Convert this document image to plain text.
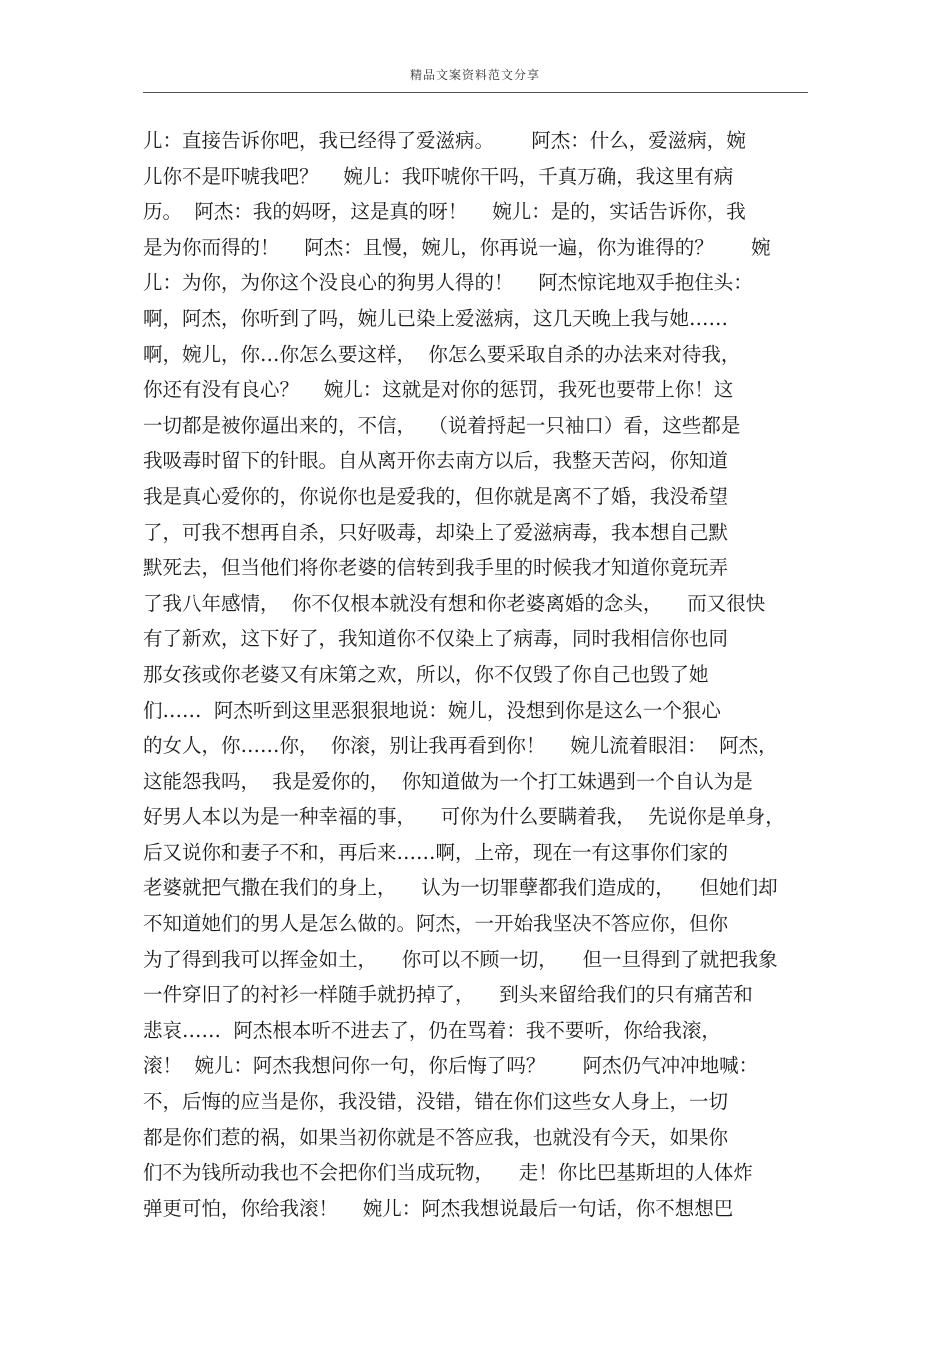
精品文案资料范文分享
儿：直接告诉你吧，我已经得了爱滋病。      阿杰：什么，爱滋病，婉
儿你不是吓唬我吧？    婉儿：我吓唬你干吗，千真万确，我这里有病
历。  阿杰：我的妈呀，这是真的呀！    婉儿：是的，实话告诉你，我
是为你而得的！    阿杰：且慢，婉儿，你再说一遍，你为谁得的？      婉
儿：为你，为你这个没良心的狗男人得的！    阿杰惊诧地双手抱住头：
啊，阿杰，你听到了吗，婉儿已染上爱滋病，这几天晚上我与她……
啊，婉儿，你…你怎么要这样，  你怎么要采取自杀的办法来对待我，
你还有没有良心？    婉儿：这就是对你的惩罚，我死也要带上你！这
一切都是被你逼出来的，不信，  （说着捋起一只袖口）看，这些都是
我吸毒时留下的针眼。自从离开你去南方以后，我整天苦闷，你知道
我是真心爱你的，你说你也是爱我的，但你就是离不了婚，我没希望
了，可我不想再自杀，只好吸毒，却染上了爱滋病毒，我本想自己默
默死去，但当他们将你老婆的信转到我手里的时候我才知道你竟玩弄
了我八年感情，  你不仅根本就没有想和你老婆离婚的念头，    而又很快
有了新欢，这下好了，我知道你不仅染上了病毒，同时我相信你也同
那女孩或你老婆又有床第之欢，所以，你不仅毁了你自己也毁了她
们……  阿杰听到这里恶狠狠地说：婉儿，没想到你是这么一个狠心
的女人，你……你，  你滚，别让我再看到你！    婉儿流着眼泪：  阿杰，
这能怨我吗，  我是爱你的，  你知道做为一个打工妹遇到一个自认为是
好男人本以为是一种幸福的事，    可你为什么要瞒着我，  先说你是单身，
后又说你和妻子不和，再后来……啊，上帝，现在一有这事你们家的
老婆就把气撒在我们的身上，    认为一切罪孽都我们造成的，    但她们却
不知道她们的男人是怎么做的。阿杰，一开始我坚决不答应你，但你
为了得到我可以挥金如土，    你可以不顾一切，    但一旦得到了就把我象
一件穿旧了的衬衫一样随手就扔掉了，    到头来留给我们的只有痛苦和
悲哀……  阿杰根本听不进去了，仍在骂着：我不要听，你给我滚，
滚！  婉儿：阿杰我想问你一句，你后悔了吗？      阿杰仍气冲冲地喊：
不，后悔的应当是你，我没错，没错，错在你们这些女人身上，一切
都是你们惹的祸，如果当初你就是不答应我，也就没有今天，如果你
们不为钱所动我也不会把你们当成玩物，    走！你比巴基斯坦的人体炸
弹更可怕，你给我滚！    婉儿：阿杰我想说最后一句话，你不想想巴
